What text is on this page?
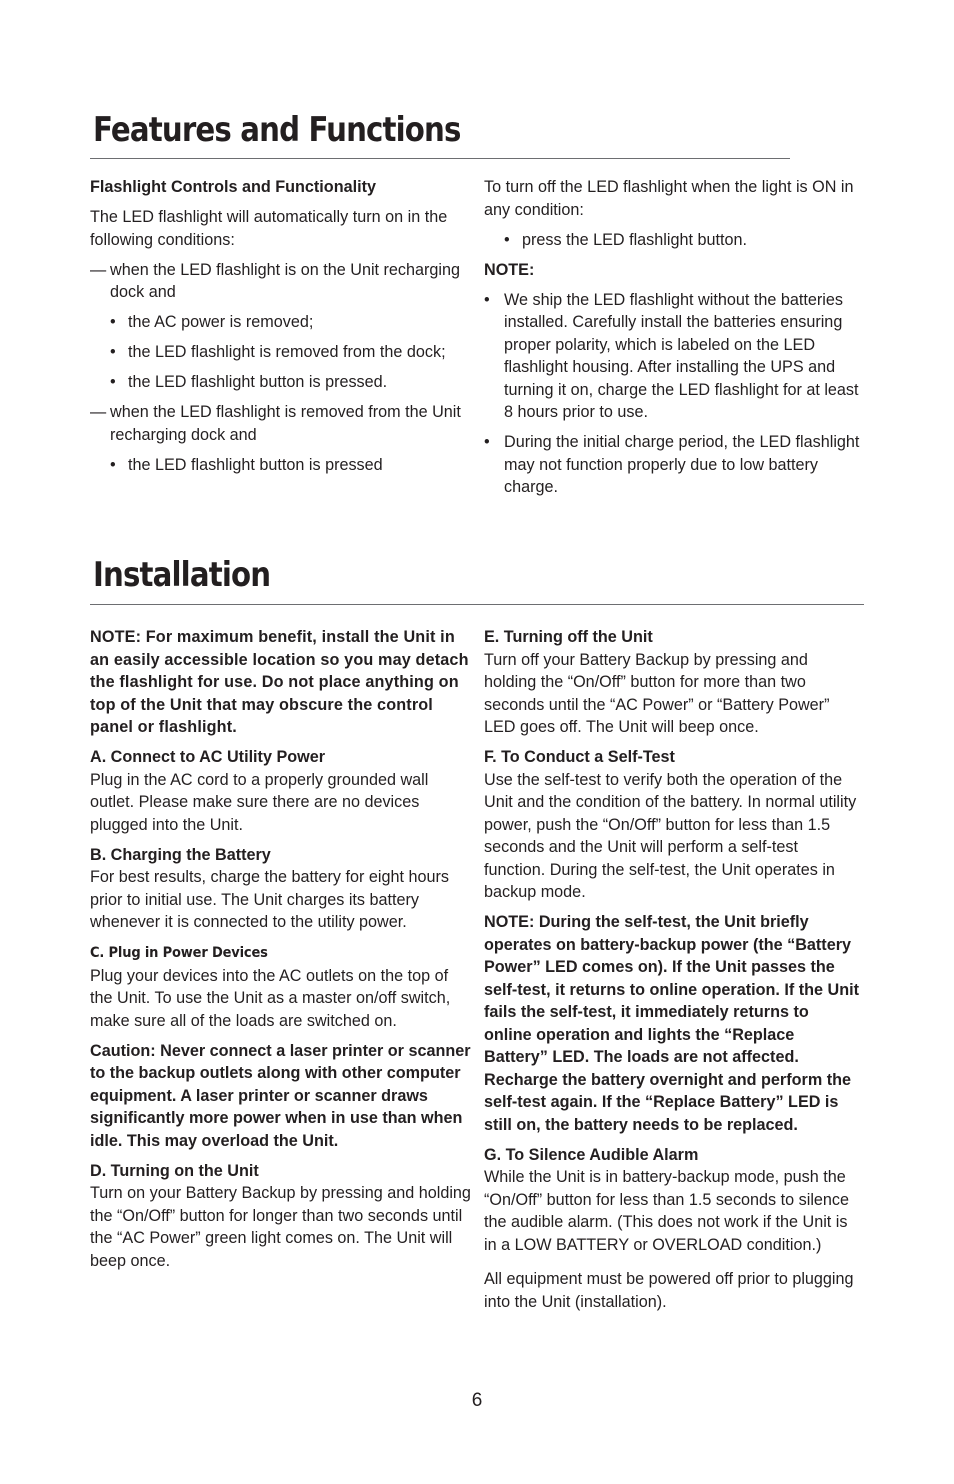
Features and Functions

Flashlight Controls and Functionality

The LED flashlight will automatically turn on in the following conditions:

— when the LED flashlight is on the Unit recharging dock and
• the AC power is removed;
• the LED flashlight is removed from the dock;
• the LED flashlight button is pressed.
— when the LED flashlight is removed from the Unit recharging dock and
• the LED flashlight button is pressed

To turn off the LED flashlight when the light is ON in any condition:

• press the LED flashlight button.

NOTE:

• We ship the LED flashlight without the batteries installed. Carefully install the batteries ensuring proper polarity, which is labeled on the LED flashlight housing. After installing the UPS and turning it on, charge the LED flashlight for at least 8 hours prior to use.
• During the initial charge period, the LED flashlight may not function properly due to low battery charge.
Installation

NOTE: For maximum benefit, install the Unit in an easily accessible location so you may detach the flashlight for use. Do not place anything on top of the Unit that may obscure the control panel or flashlight.

A. Connect to AC Utility Power
Plug in the AC cord to a properly grounded wall outlet. Please make sure there are no devices plugged into the Unit.

B. Charging the Battery
For best results, charge the battery for eight hours prior to initial use. The Unit charges its battery whenever it is connected to the utility power.

C. Plug in Power Devices
Plug your devices into the AC outlets on the top of the Unit. To use the Unit as a master on/off switch, make sure all of the loads are switched on.

Caution: Never connect a laser printer or scanner to the backup outlets along with other computer equipment. A laser printer or scanner draws significantly more power when in use than when idle. This may overload the Unit.

D. Turning on the Unit
Turn on your Battery Backup by pressing and holding the “On/Off” button for longer than two seconds until the “AC Power” green light comes on. The Unit will beep once.

E. Turning off the Unit
Turn off your Battery Backup by pressing and holding the “On/Off” button for more than two seconds until the “AC Power” or “Battery Power” LED goes off. The Unit will beep once.

F. To Conduct a Self-Test
Use the self-test to verify both the operation of the Unit and the condition of the battery. In normal utility power, push the “On/Off” button for less than 1.5 seconds and the Unit will perform a self-test function. During the self-test, the Unit operates in backup mode.

NOTE: During the self-test, the Unit briefly operates on battery-backup power (the “Battery Power” LED comes on). If the Unit passes the self-test, it returns to online operation. If the Unit fails the self-test, it immediately returns to online operation and lights the “Replace Battery” LED. The loads are not affected. Recharge the battery overnight and perform the self-test again. If the “Replace Battery” LED is still on, the battery needs to be replaced.

G. To Silence Audible Alarm
While the Unit is in battery-backup mode, push the “On/Off” button for less than 1.5 seconds to silence the audible alarm. (This does not work if the Unit is in a LOW BATTERY or OVERLOAD condition.)

All equipment must be powered off prior to plugging into the Unit (installation).

6
